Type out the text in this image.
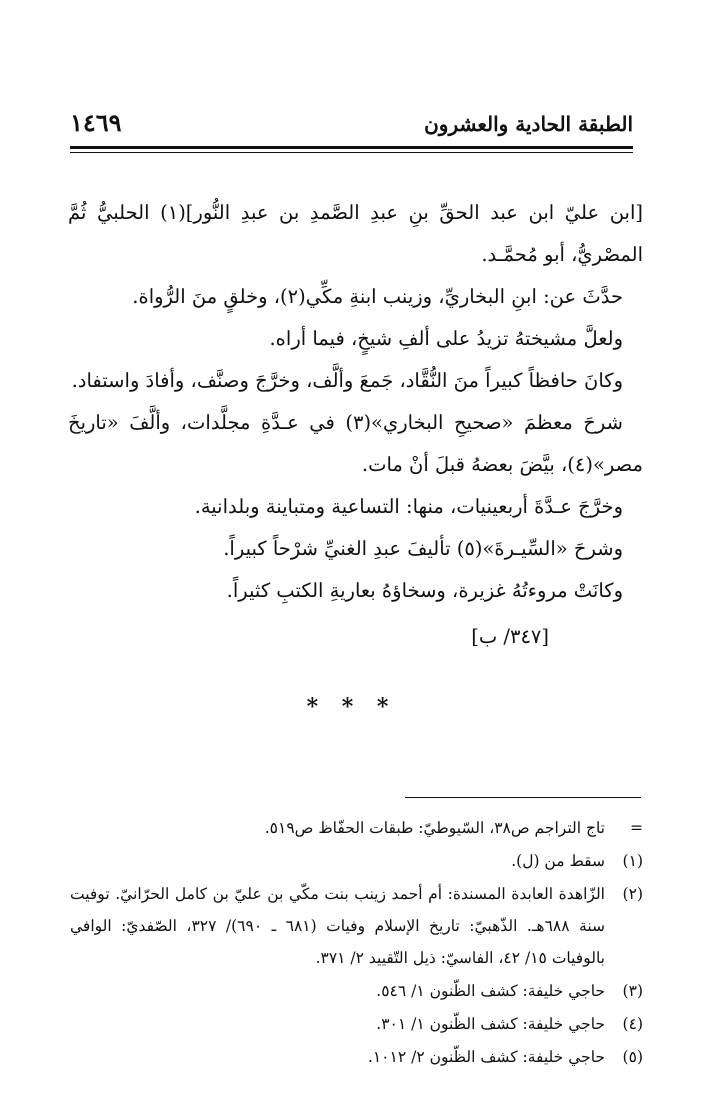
الطبقة الحادية والعشرون
١٤٦٩

[ابن عليّ ابن عبد الحقِّ بنِ عبدِ الصَّمدِ بن عبدِ النُّور](١) الحلبيُّ ثُمَّ المصْريُّ، أبو مُحمَّـد.

حدَّثَ عن: ابنِ البخاريِّ، وزينب ابنةِ مكِّي(٢)، وخلقٍ منَ الرُّواة.

ولعلَّ مشيختهُ تزيدُ على ألفِ شيخٍ، فيما أراه.

وكانَ حافظاً كبيراً منَ النُّقَّاد، جَمعَ وألَّف، وخرَّجَ وصنَّف، وأفادَ واستفاد.

شرحَ معظمَ «صحيحِ البخاري»(٣) في عـدَّةِ مجلَّدات، وألَّفَ «تاريخَ مصر»(٤)، بيَّضَ بعضهُ قبلَ أنْ مات.

وخرَّجَ عـدَّةَ أربعينيات، منها: التساعية ومتباينة وبلدانية.

وشرحَ «السِّيـرةَ»(٥) تأليفَ عبدِ الغنيِّ شرْحاً كبيراً.

وكانَتْ مروءتُهُ غزيرة، وسخاؤهُ بعاريةِ الكتبِ كثيراً.

[٣٤٧/ ب]

* * *
=
تاج التراجم ص٣٨، السّيوطيّ: طبقات الحفّاظ ص٥١٩.
(١)
سقط من (ل).
(٢)
الزّاهدة العابدة المسندة: أم أحمد زينب بنت مكّي بن عليّ بن كامل الحرّانيّ. توفيت سنة ٦٨٨هـ. الذّهبيّ: تاريخ الإسلام وفيات (٦٨١ ـ ٦٩٠)/ ٣٢٧، الصّفديّ: الوافي بالوفيات ١٥/ ٤٢، الفاسيّ: ذيل التّقييد ٢/ ٣٧١.
(٣)
حاجي خليفة: كشف الظّنون ١/ ٥٤٦.
(٤)
حاجي خليفة: كشف الظّنون ١/ ٣٠١.
(٥)
حاجي خليفة: كشف الظّنون ٢/ ١٠١٢.
